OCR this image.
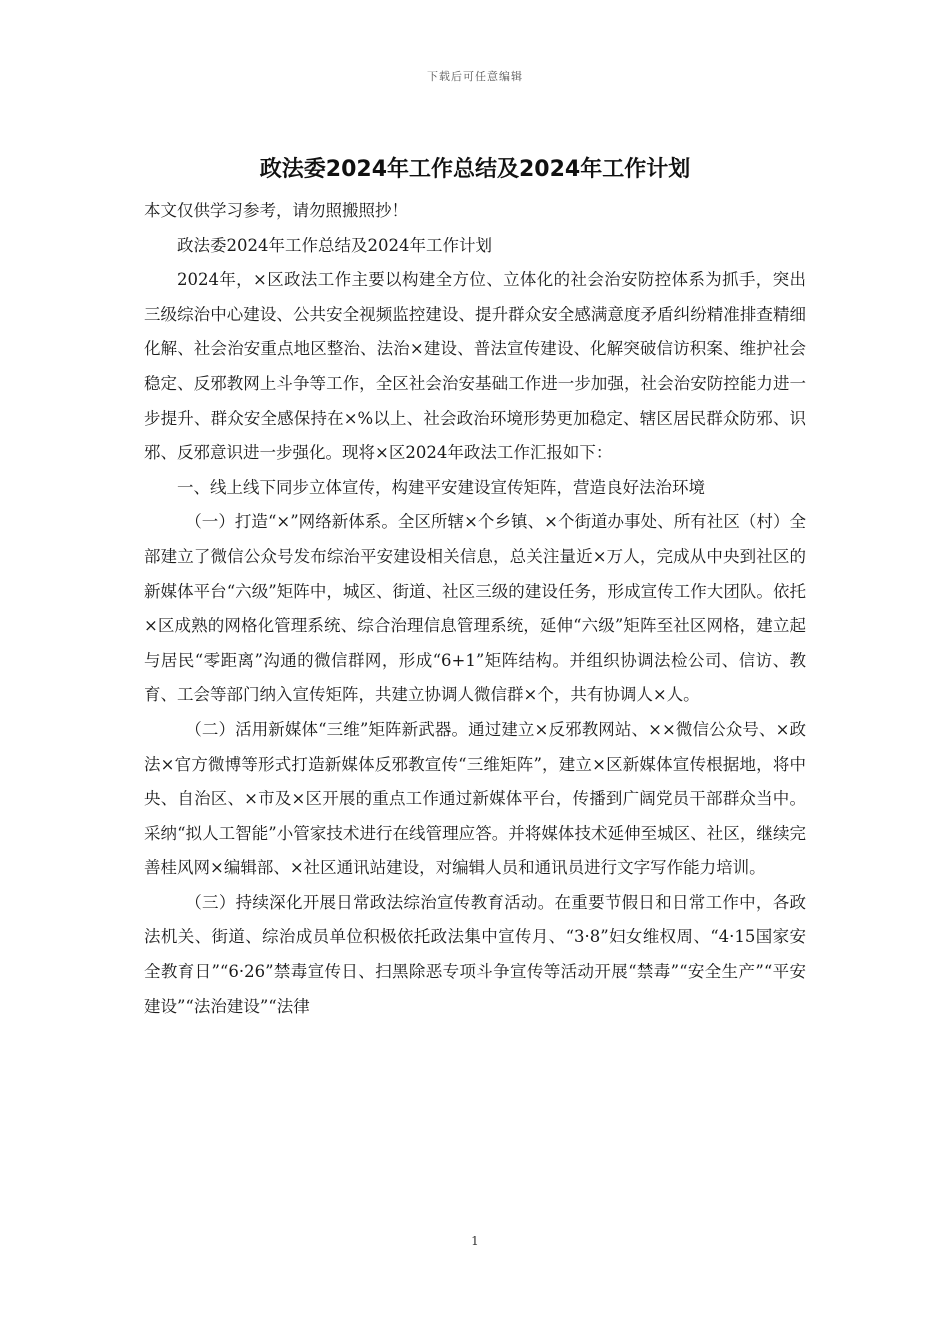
下载后可任意编辑
政法委2024年工作总结及2024年工作计划

本文仅供学习参考，请勿照搬照抄！

政法委2024年工作总结及2024年工作计划

2024年，×区政法工作主要以构建全方位、立体化的社会治安防控体系为抓手，突出三级综治中心建设、公共安全视频监控建设、提升群众安全感满意度矛盾纠纷精准排查精细化解、社会治安重点地区整治、法治×建设、普法宣传建设、化解突破信访积案、维护社会稳定、反邪教网上斗争等工作，全区社会治安基础工作进一步加强，社会治安防控能力进一步提升、群众安全感保持在×%以上、社会政治环境形势更加稳定、辖区居民群众防邪、识邪、反邪意识进一步强化。现将×区2024年政法工作汇报如下：

一、线上线下同步立体宣传，构建平安建设宣传矩阵，营造良好法治环境

（一）打造“×”网络新体系。全区所辖×个乡镇、×个街道办事处、所有社区（村）全部建立了微信公众号发布综治平安建设相关信息，总关注量近×万人，完成从中央到社区的新媒体平台“六级”矩阵中，城区、街道、社区三级的建设任务，形成宣传工作大团队。依托×区成熟的网格化管理系统、综合治理信息管理系统，延伸“六级”矩阵至社区网格，建立起与居民“零距离”沟通的微信群网，形成“6+1”矩阵结构。并组织协调法检公司、信访、教育、工会等部门纳入宣传矩阵，共建立协调人微信群×个，共有协调人×人。

（二）活用新媒体“三维”矩阵新武器。通过建立×反邪教网站、××微信公众号、×政法×官方微博等形式打造新媒体反邪教宣传“三维矩阵”，建立×区新媒体宣传根据地，将中央、自治区、×市及×区开展的重点工作通过新媒体平台，传播到广阔党员干部群众当中。采纳“拟人工智能”小管家技术进行在线管理应答。并将媒体技术延伸至城区、社区，继续完善桂风网×编辑部、×社区通讯站建设，对编辑人员和通讯员进行文字写作能力培训。

（三）持续深化开展日常政法综治宣传教育活动。在重要节假日和日常工作中，各政法机关、街道、综治成员单位积极依托政法集中宣传月、“3·8”妇女维权周、“4·15国家安全教育日”“6·26”禁毒宣传日、扫黑除恶专项斗争宣传等活动开展“禁毒”“安全生产”“平安建设”“法治建设”“法律

1
